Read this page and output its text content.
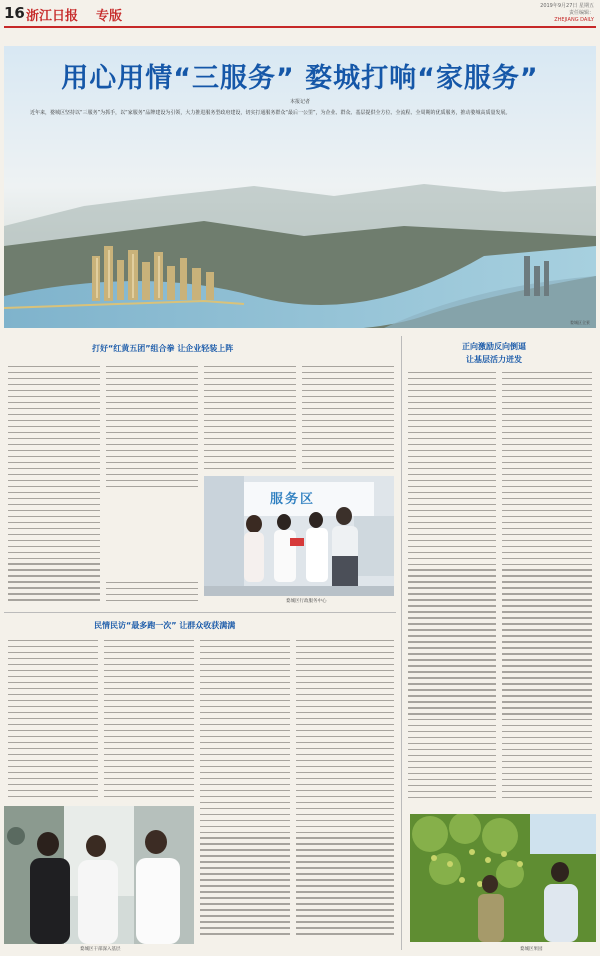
16 浙江日报 专版
2019年9月27日 星期五
责任编辑：
ZHEJIANG DAILY
用心用情“三服务” 婺城打响“家服务”
本报记者
近年来，婺城区坚持以“三服务”为抓手，以“家服务”品牌建设为引领，大力推进服务型政府建设，切实打通服务群众“最后一公里”，为企业、群众、基层提供全方位、全流程、全周期的优质服务，推动婺城高质量发展。
婺城区全景
打好“红黄五团”组合拳 让企业轻装上阵	正向激励反向倒逼
让基层活力迸发
服务区
婺城区行政服务中心
民情民访“最多跑一次” 让群众收获满满
婺城区干部深入基层	婺城区果园
